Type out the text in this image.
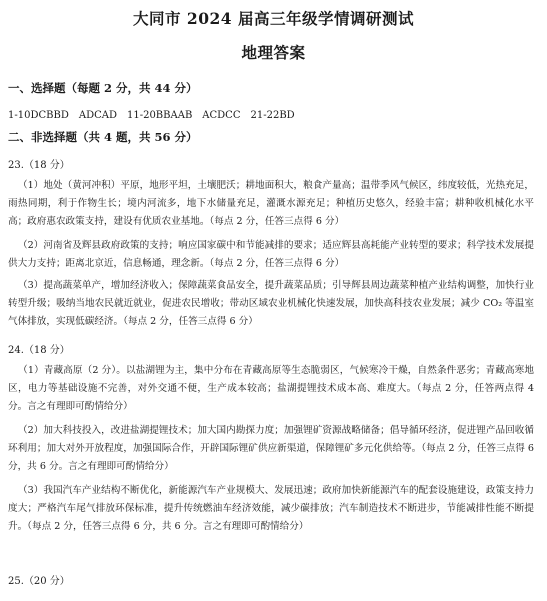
大同市 2024 届高三年级学情调研测试
地理答案
一、选择题（每题 2 分，共 44 分）
1-10DCBBD　ADCAD　11-20BBAAB　ACDCC　21-22BD
二、非选择题（共 4 题，共 56 分）
23.（18 分）
（1）地处（黄河冲积）平原，地形平坦，土壤肥沃；耕地面积大，粮食产量高；温带季风气候区，纬度较低，光热充足，雨热同期，利于作物生长；境内河流多，地下水储量充足，灌溉水源充足；种植历史悠久，经验丰富；耕种收机械化水平高；政府惠农政策支持，建设有优质农业基地。（每点 2 分，任答三点得 6 分）
（2）河南省及辉县政府政策的支持；响应国家碳中和节能减排的要求；适应辉县高耗能产业转型的要求；科学技术发展提供大力支持；距离北京近，信息畅通，理念新。（每点 2 分，任答三点得 6 分）
（3）提高蔬菜单产，增加经济收入；保障蔬菜食品安全，提升蔬菜品质；引导辉县周边蔬菜种植产业结构调整，加快行业转型升级；吸纳当地农民就近就业，促进农民增收；带动区域农业机械化快速发展，加快高科技农业发展；减少 CO₂ 等温室气体排放，实现低碳经济。（每点 2 分，任答三点得 6 分）
24.（18 分）
（1）青藏高原（2 分）。以盐湖锂为主，集中分布在青藏高原等生态脆弱区，气候寒冷干燥，自然条件恶劣；青藏高寒地区，电力等基础设施不完善，对外交通不便，生产成本较高；盐湖提锂技术成本高、难度大。（每点 2 分，任答两点得 4 分。言之有理即可酌情给分）
（2）加大科技投入，改进盐湖提锂技术；加大国内勘探力度；加强锂矿资源战略储备；倡导循环经济，促进锂产品回收循环利用；加大对外开放程度，加强国际合作，开辟国际锂矿供应新渠道，保障锂矿多元化供给等。（每点 2 分，任答三点得 6 分，共 6 分。言之有理即可酌情给分）
（3）我国汽车产业结构不断优化，新能源汽车产业规模大、发展迅速；政府加快新能源汽车的配套设施建设，政策支持力度大；严格汽车尾气排放环保标准，提升传统燃油车经济效能，减少碳排放；汽车制造技术不断进步，节能减排性能不断提升。（每点 2 分，任答三点得 6 分，共 6 分。言之有理即可酌情给分）
25.（20 分）
